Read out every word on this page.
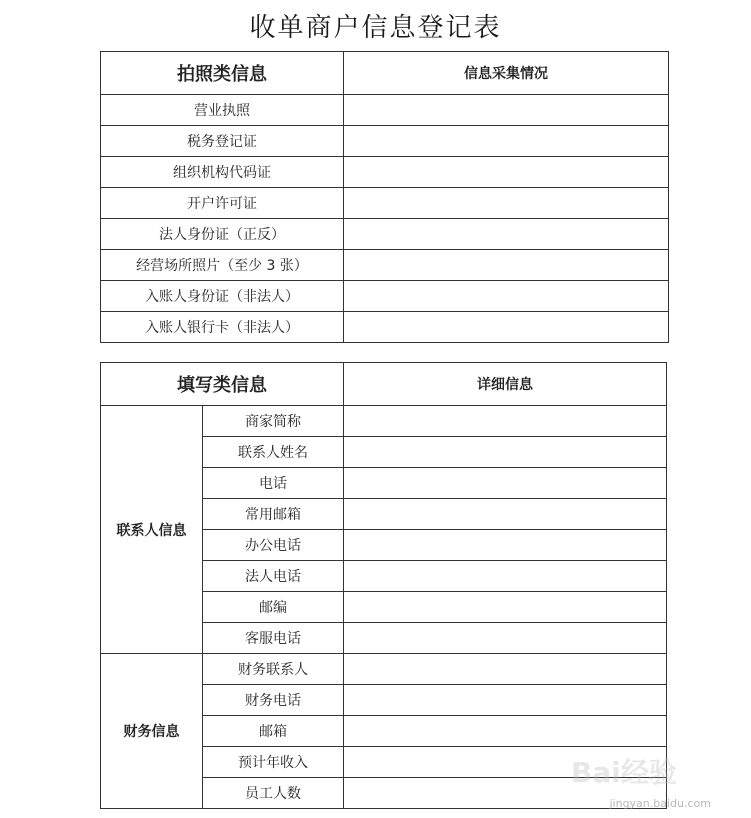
收单商户信息登记表
拍照类信息	信息采集情况
营业执照	
税务登记证	
组织机构代码证	
开户许可证	
法人身份证（正反）	
经营场所照片（至少 3 张）	
入账人身份证（非法人）	
入账人银行卡（非法人）	
填写类信息		详细信息
联系人信息	商家简称	
	联系人姓名	
	电话	
	常用邮箱	
	办公电话	
	法人电话	
	邮编	
	客服电话	
财务信息	财务联系人	
	财务电话	
	邮箱	
	预计年收入	
	员工人数	
Bai经验
jingyan.baidu.com
